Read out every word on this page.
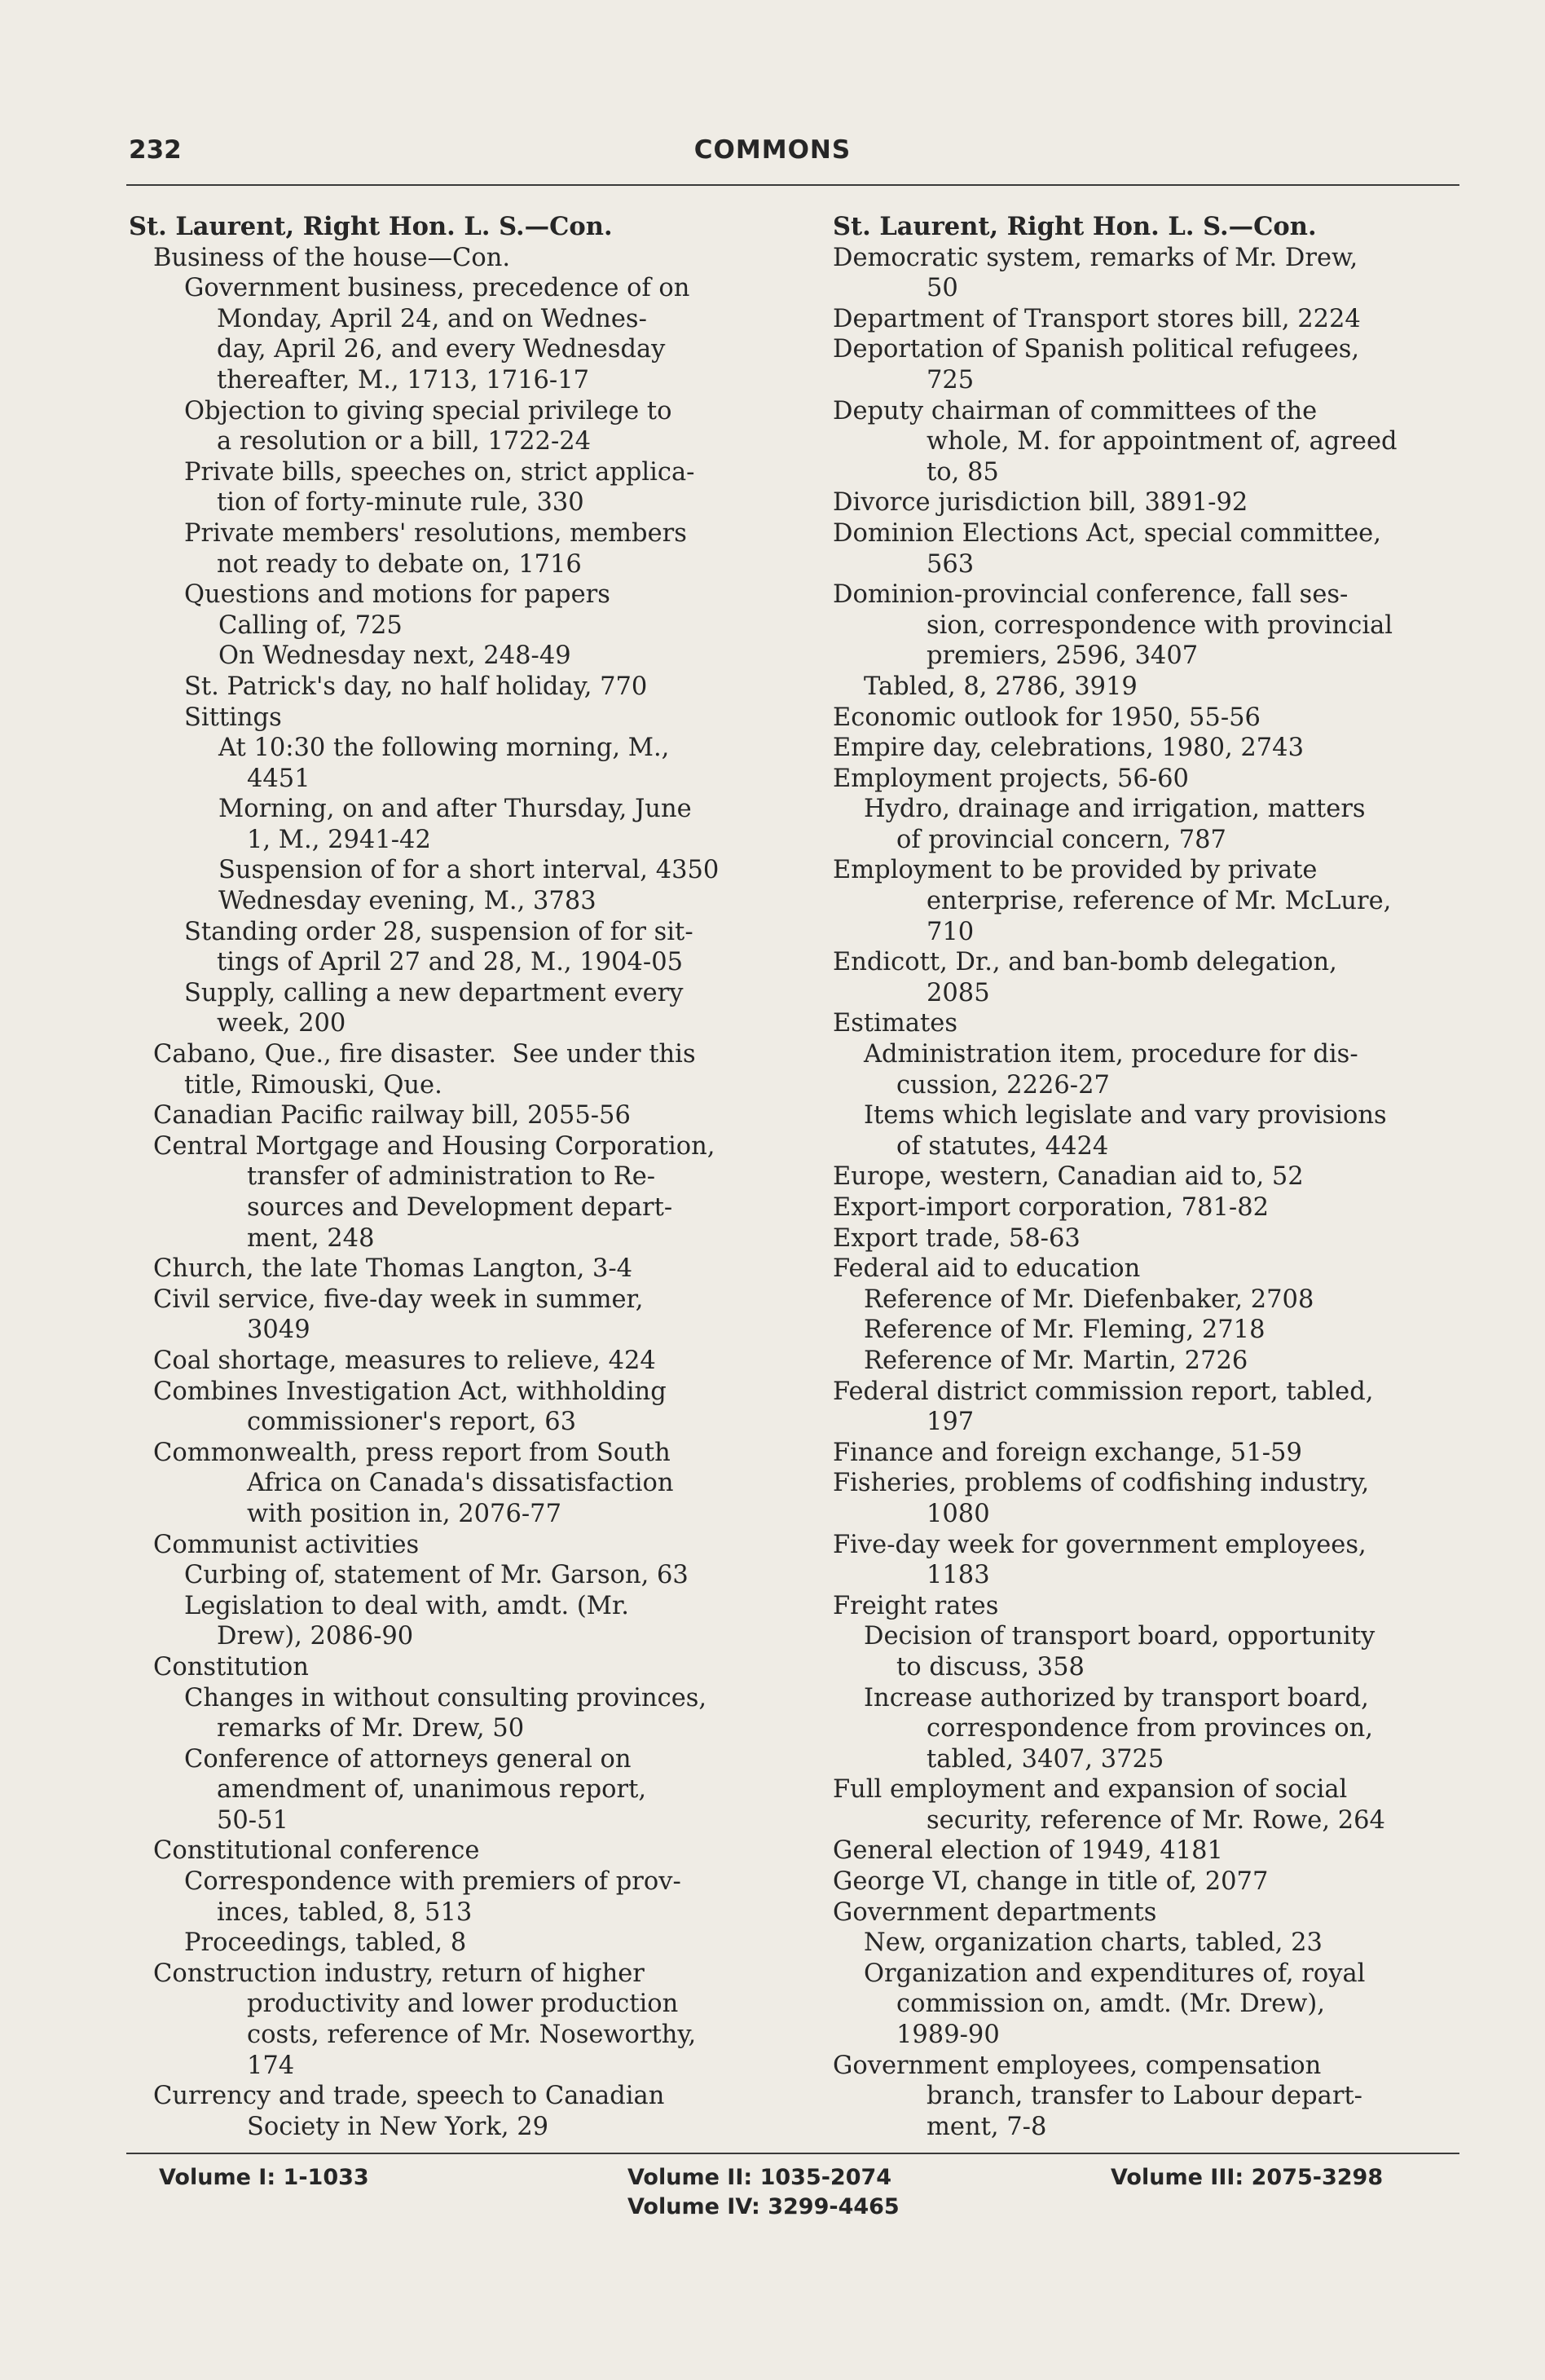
232	COMMONS
St. Laurent, Right Hon. L. S.—Con.
Business of the house—Con.
Government business, precedence of on
Monday, April 24, and on Wednes-
day, April 26, and every Wednesday
thereafter, M., 1713, 1716-17
Objection to giving special privilege to
a resolution or a bill, 1722-24
Private bills, speeches on, strict applica-
tion of forty-minute rule, 330
Private members' resolutions, members
not ready to debate on, 1716
Questions and motions for papers
Calling of, 725
On Wednesday next, 248-49
St. Patrick's day, no half holiday, 770
Sittings
At 10:30 the following morning, M.,
4451
Morning, on and after Thursday, June
1, M., 2941-42
Suspension of for a short interval, 4350
Wednesday evening, M., 3783
Standing order 28, suspension of for sit-
tings of April 27 and 28, M., 1904-05
Supply, calling a new department every
week, 200
Cabano, Que., fire disaster.  See under this
title, Rimouski, Que.
Canadian Pacific railway bill, 2055-56
Central Mortgage and Housing Corporation,
transfer of administration to Re-
sources and Development depart-
ment, 248
Church, the late Thomas Langton, 3-4
Civil service, five-day week in summer,
3049
Coal shortage, measures to relieve, 424
Combines Investigation Act, withholding
commissioner's report, 63
Commonwealth, press report from South
Africa on Canada's dissatisfaction
with position in, 2076-77
Communist activities
Curbing of, statement of Mr. Garson, 63
Legislation to deal with, amdt. (Mr.
Drew), 2086-90
Constitution
Changes in without consulting provinces,
remarks of Mr. Drew, 50
Conference of attorneys general on
amendment of, unanimous report,
50-51
Constitutional conference
Correspondence with premiers of prov-
inces, tabled, 8, 513
Proceedings, tabled, 8
Construction industry, return of higher
productivity and lower production
costs, reference of Mr. Noseworthy,
174
Currency and trade, speech to Canadian
Society in New York, 29
St. Laurent, Right Hon. L. S.—Con.
Democratic system, remarks of Mr. Drew,
50
Department of Transport stores bill, 2224
Deportation of Spanish political refugees,
725
Deputy chairman of committees of the
whole, M. for appointment of, agreed
to, 85
Divorce jurisdiction bill, 3891-92
Dominion Elections Act, special committee,
563
Dominion-provincial conference, fall ses-
sion, correspondence with provincial
premiers, 2596, 3407
Tabled, 8, 2786, 3919
Economic outlook for 1950, 55-56
Empire day, celebrations, 1980, 2743
Employment projects, 56-60
Hydro, drainage and irrigation, matters
of provincial concern, 787
Employment to be provided by private
enterprise, reference of Mr. McLure,
710
Endicott, Dr., and ban-bomb delegation,
2085
Estimates
Administration item, procedure for dis-
cussion, 2226-27
Items which legislate and vary provisions
of statutes, 4424
Europe, western, Canadian aid to, 52
Export-import corporation, 781-82
Export trade, 58-63
Federal aid to education
Reference of Mr. Diefenbaker, 2708
Reference of Mr. Fleming, 2718
Reference of Mr. Martin, 2726
Federal district commission report, tabled,
197
Finance and foreign exchange, 51-59
Fisheries, problems of codfishing industry,
1080
Five-day week for government employees,
1183
Freight rates
Decision of transport board, opportunity
to discuss, 358
Increase authorized by transport board,
correspondence from provinces on,
tabled, 3407, 3725
Full employment and expansion of social
security, reference of Mr. Rowe, 264
General election of 1949, 4181
George VI, change in title of, 2077
Government departments
New, organization charts, tabled, 23
Organization and expenditures of, royal
commission on, amdt. (Mr. Drew),
1989-90
Government employees, compensation
branch, transfer to Labour depart-
ment, 7-8
Volume I: 1-1033	Volume II: 1035-2074
Volume IV: 3299-4465
Volume III: 2075-3298
